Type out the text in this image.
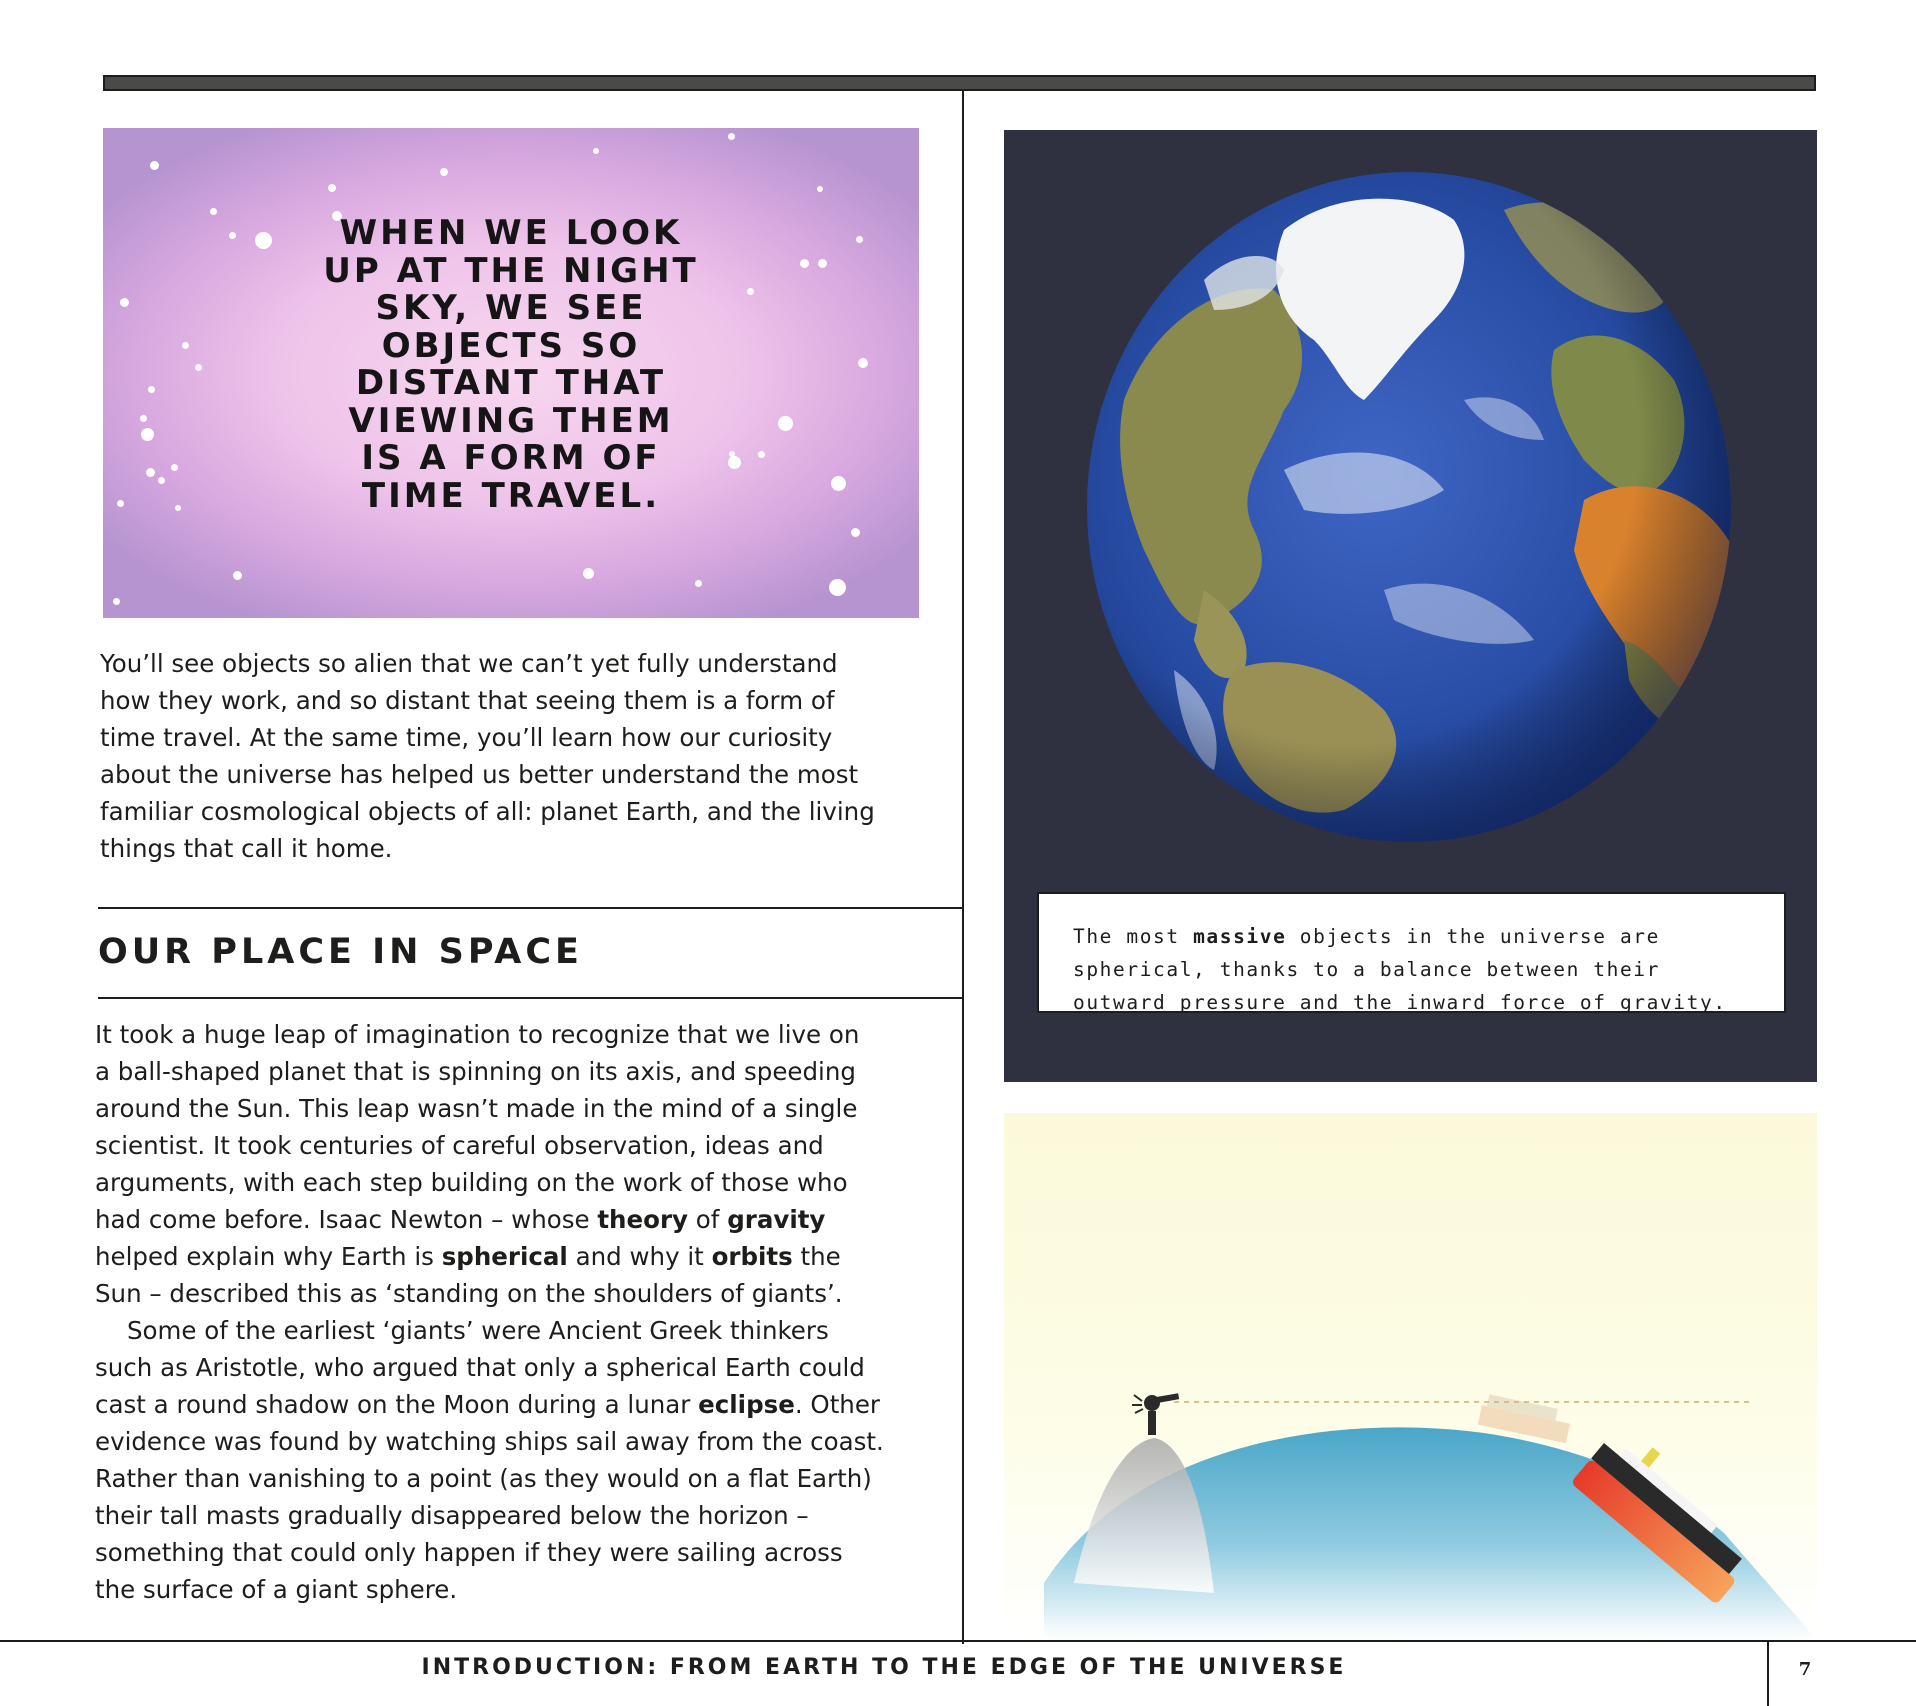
WHEN WE LOOK
UP AT THE NIGHT
SKY, WE SEE
OBJECTS SO
DISTANT THAT
VIEWING THEM
IS A FORM OF
TIME TRAVEL.
You’ll see objects so alien that we can’t yet fully understand
how they work, and so distant that seeing them is a form of
time travel. At the same time, you’ll learn how our curiosity
about the universe has helped us better understand the most
familiar cosmological objects of all: planet Earth, and the living
things that call it home.
OUR PLACE IN SPACE
It took a huge leap of imagination to recognize that we live on
a ball-shaped planet that is spinning on its axis, and speeding
around the Sun. This leap wasn’t made in the mind of a single
scientist. It took centuries of careful observation, ideas and
arguments, with each step building on the work of those who
had come before. Isaac Newton – whose theory of gravity
helped explain why Earth is spherical and why it orbits the
Sun – described this as ‘standing on the shoulders of giants’.
Some of the earliest ‘giants’ were Ancient Greek thinkers
such as Aristotle, who argued that only a spherical Earth could
cast a round shadow on the Moon during a lunar eclipse. Other
evidence was found by watching ships sail away from the coast.
Rather than vanishing to a point (as they would on a flat Earth)
their tall masts gradually disappeared below the horizon –
something that could only happen if they were sailing across
the surface of a giant sphere.
The most massive objects in the universe are
spherical, thanks to a balance between their
outward pressure and the inward force of gravity.
INTRODUCTION: FROM EARTH TO THE EDGE OF THE UNIVERSE	7
